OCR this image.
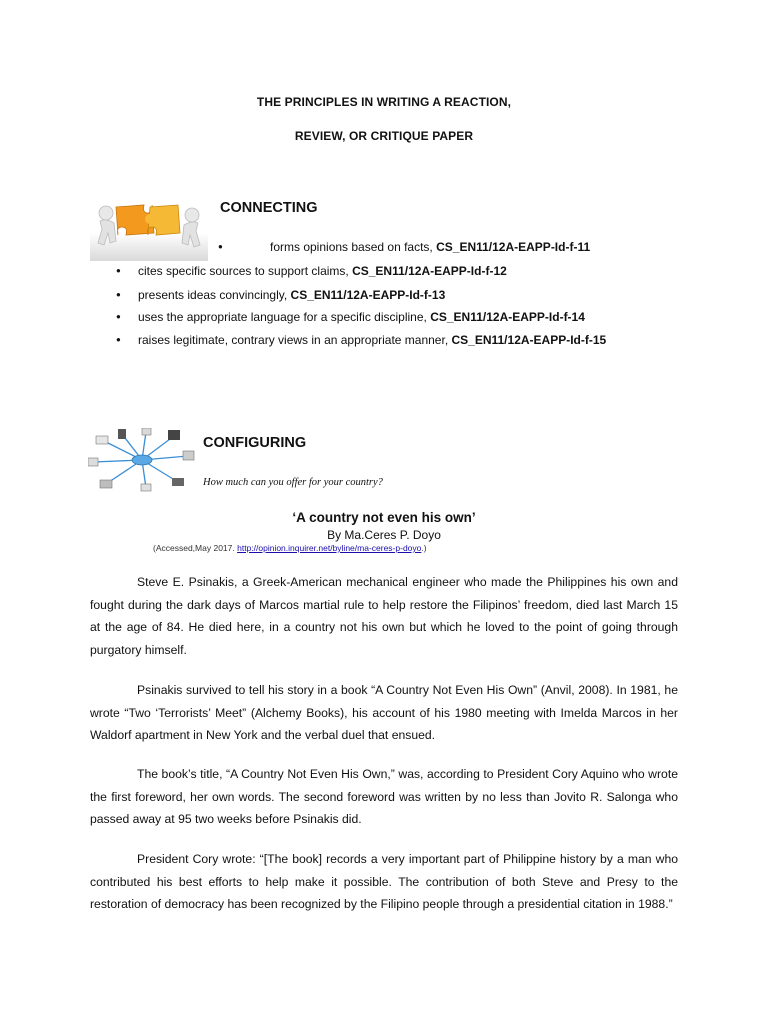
THE PRINCIPLES IN WRITING A REACTION,
REVIEW, OR CRITIQUE PAPER
CONNECTING
●	forms opinions based on facts, CS_EN11/12A-EAPP-Id-f-11
● cites specific sources to support claims, CS_EN11/12A-EAPP-Id-f-12
● presents ideas convincingly, CS_EN11/12A-EAPP-Id-f-13
● uses the appropriate language for a specific discipline, CS_EN11/12A-EAPP-Id-f-14
● raises legitimate, contrary views in an appropriate manner, CS_EN11/12A-EAPP-Id-f-15
CONFIGURING
How much can you offer for your country?
‘A country not even his own’
By Ma.Ceres P. Doyo
(Accessed,May 2017. http://opinion.inquirer.net/byline/ma-ceres-p-doyo.)
Steve E. Psinakis, a Greek-American mechanical engineer who made the Philippines his own and fought during the dark days of Marcos martial rule to help restore the Filipinos’ freedom, died last March 15 at the age of 84. He died here, in a country not his own but which he loved to the point of going through purgatory himself.
Psinakis survived to tell his story in a book “A Country Not Even His Own” (Anvil, 2008). In 1981, he wrote “Two ‘Terrorists’ Meet” (Alchemy Books), his account of his 1980 meeting with Imelda Marcos in her Waldorf apartment in New York and the verbal duel that ensued.
The book’s title, “A Country Not Even His Own,” was, according to President Cory Aquino who wrote the first foreword, her own words. The second foreword was written by no less than Jovito R. Salonga who passed away at 95 two weeks before Psinakis did.
President Cory wrote: “[The book] records a very important part of Philippine history by a man who contributed his best efforts to help make it possible. The contribution of both Steve and Presy to the restoration of democracy has been recognized by the Filipino people through a presidential citation in 1988.”
